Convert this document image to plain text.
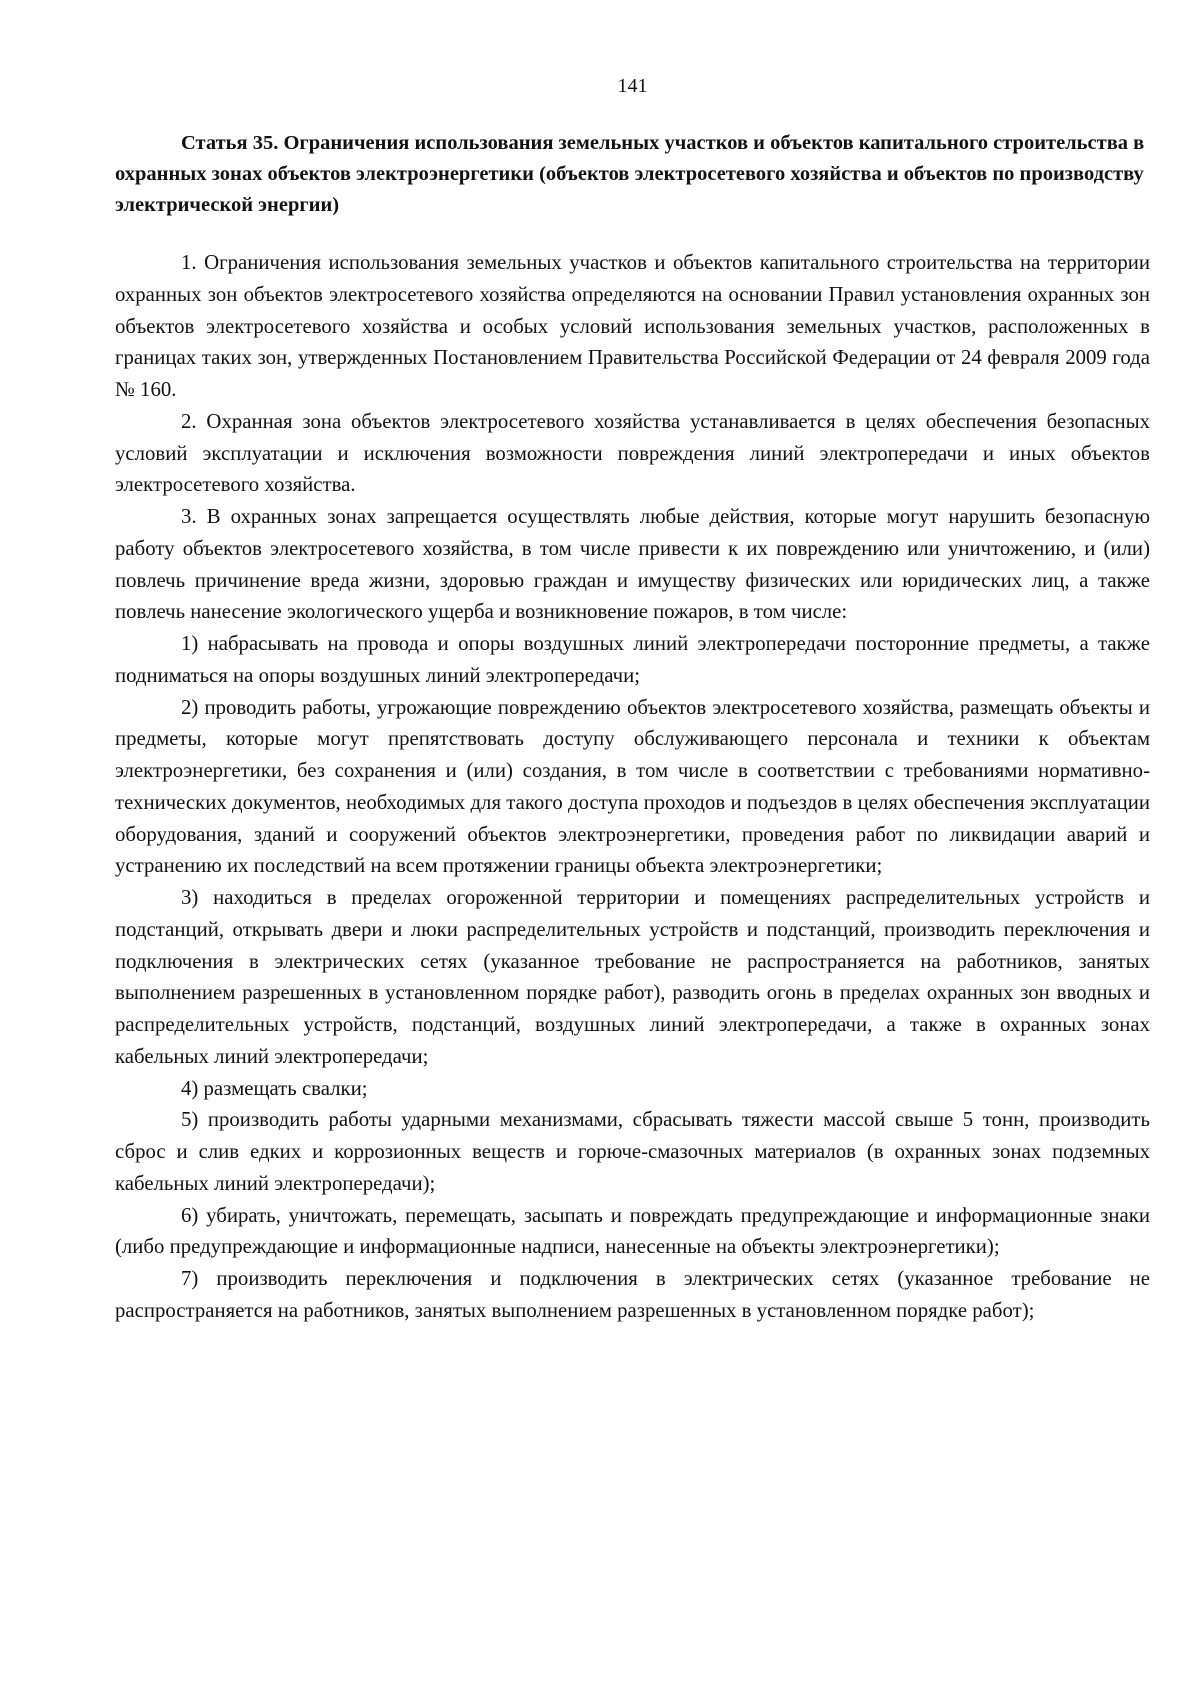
141
Статья 35. Ограничения использования земельных участков и объектов капитального строительства в охранных зонах объектов электроэнергетики (объектов электросетевого хозяйства и объектов по производству электрической энергии)

1. Ограничения использования земельных участков и объектов капитального строительства на территории охранных зон объектов электросетевого хозяйства определяются на основании Правил установления охранных зон объектов электросетевого хозяйства и особых условий использования земельных участков, расположенных в границах таких зон, утвержденных Постановлением Правительства Российской Федерации от 24 февраля 2009 года № 160.

2. Охранная зона объектов электросетевого хозяйства устанавливается в целях обеспечения безопасных условий эксплуатации и исключения возможности повреждения линий электропередачи и иных объектов электросетевого хозяйства.

3. В охранных зонах запрещается осуществлять любые действия, которые могут нарушить безопасную работу объектов электросетевого хозяйства, в том числе привести к их повреждению или уничтожению, и (или) повлечь причинение вреда жизни, здоровью граждан и имуществу физических или юридических лиц, а также повлечь нанесение экологического ущерба и возникновение пожаров, в том числе:

1) набрасывать на провода и опоры воздушных линий электропередачи посторонние предметы, а также подниматься на опоры воздушных линий электропередачи;

2) проводить работы, угрожающие повреждению объектов электросетевого хозяйства, размещать объекты и предметы, которые могут препятствовать доступу обслуживающего персонала и техники к объектам электроэнергетики, без сохранения и (или) создания, в том числе в соответствии с требованиями нормативно-технических документов, необходимых для такого доступа проходов и подъездов в целях обеспечения эксплуатации оборудования, зданий и сооружений объектов электроэнергетики, проведения работ по ликвидации аварий и устранению их последствий на всем протяжении границы объекта электроэнергетики;

3) находиться в пределах огороженной территории и помещениях распределительных устройств и подстанций, открывать двери и люки распределительных устройств и подстанций, производить переключения и подключения в электрических сетях (указанное требование не распространяется на работников, занятых выполнением разрешенных в установленном порядке работ), разводить огонь в пределах охранных зон вводных и распределительных устройств, подстанций, воздушных линий электропередачи, а также в охранных зонах кабельных линий электропередачи;

4) размещать свалки;

5) производить работы ударными механизмами, сбрасывать тяжести массой свыше 5 тонн, производить сброс и слив едких и коррозионных веществ и горюче-смазочных материалов (в охранных зонах подземных кабельных линий электропередачи);

6) убирать, уничтожать, перемещать, засыпать и повреждать предупреждающие и информационные знаки (либо предупреждающие и информационные надписи, нанесенные на объекты электроэнергетики);

7) производить переключения и подключения в электрических сетях (указанное требование не распространяется на работников, занятых выполнением разрешенных в установленном порядке работ);
